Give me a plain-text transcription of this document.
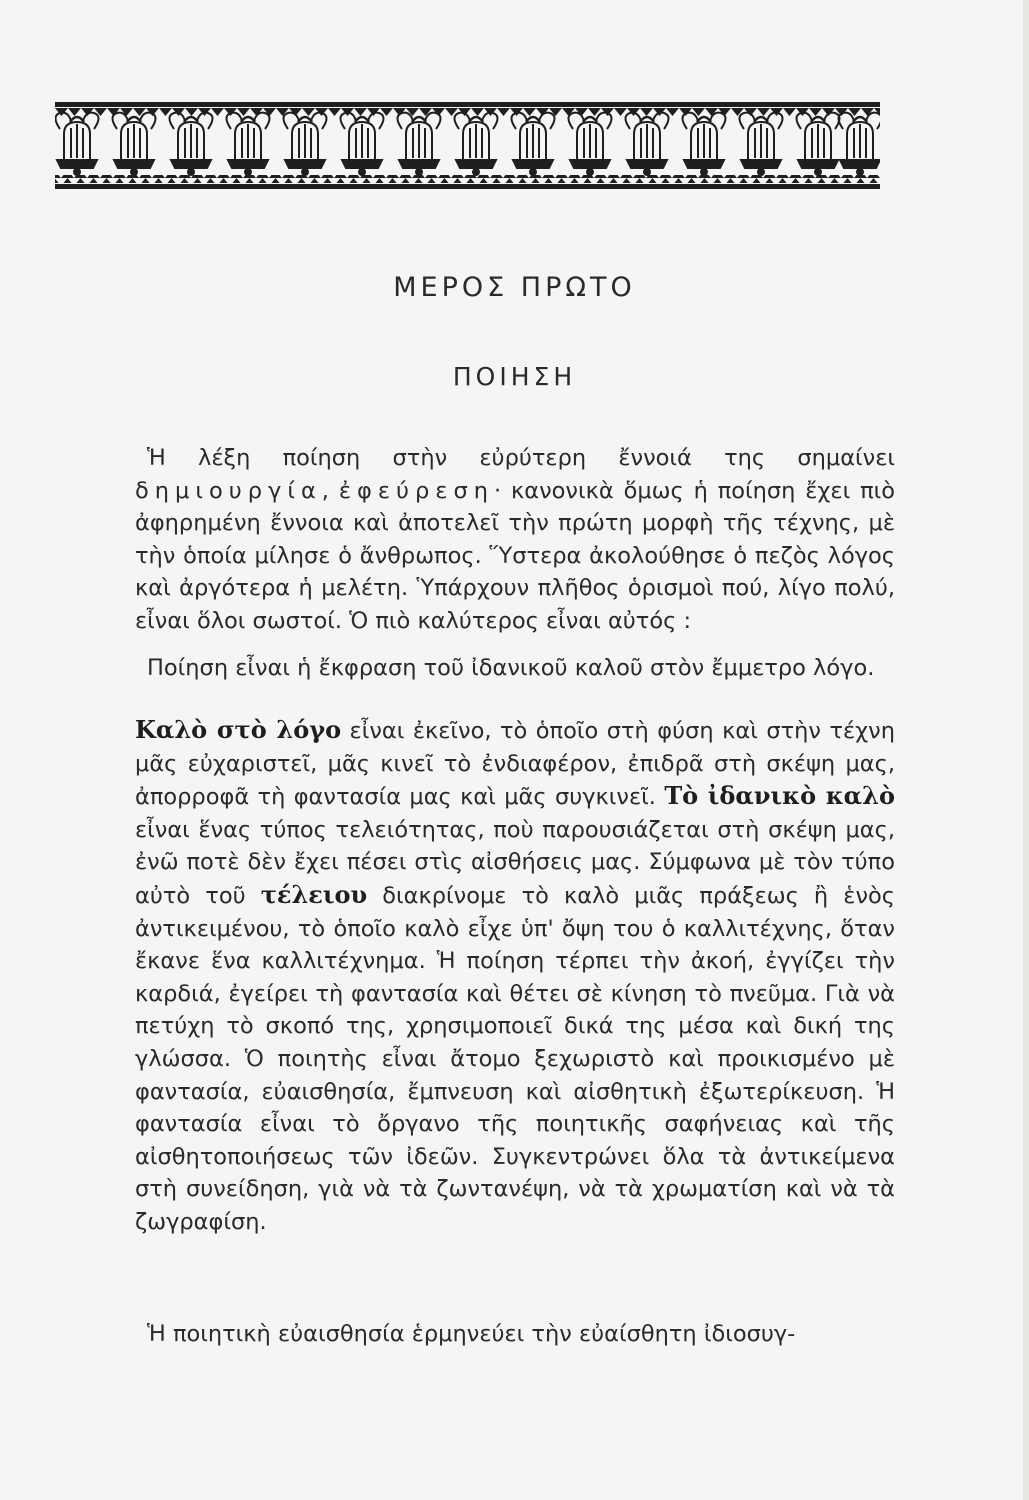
ΜΕΡΟΣ ΠΡΩΤΟ
ΠΟΙΗΣΗ

Ἡ λέξη ποίηση στὴν εὐρύτερη ἔννοιά της σημαίνει δημιουργία, ἐφεύρεση· κανονικὰ ὅμως ἡ ποίηση ἔχει πιὸ ἀφηρημένη ἔννοια καὶ ἀποτελεῖ τὴν πρώτη μορφὴ τῆς τέχνης, μὲ τὴν ὁποία μίλησε ὁ ἄνθρωπος. Ὕστερα ἀκολούθησε ὁ πεζὸς λόγος καὶ ἀργότερα ἡ μελέτη. Ὑπάρχουν πλῆθος ὁρισμοὶ πού, λίγο πολύ, εἶναι ὅλοι σωστοί. Ὁ πιὸ καλύτερος εἶναι αὐτός :

Ποίηση εἶναι ἡ ἔκφραση τοῦ ἰδανικοῦ καλοῦ στὸν ἔμμετρο λόγο.

Καλὸ στὸ λόγο εἶναι ἐκεῖνο, τὸ ὁποῖο στὴ φύση καὶ στὴν τέχνη μᾶς εὐχαριστεῖ, μᾶς κινεῖ τὸ ἐνδιαφέρον, ἐπιδρᾶ στὴ σκέψη μας, ἀπορροφᾶ τὴ φαντασία μας καὶ μᾶς συγκινεῖ. Τὸ ἰδανικὸ καλὸ εἶναι ἕνας τύπος τελειότητας, ποὺ παρουσιάζεται στὴ σκέψη μας, ἐνῶ ποτὲ δὲν ἔχει πέσει στὶς αἰσθήσεις μας. Σύμφωνα μὲ τὸν τύπο αὐτὸ τοῦ τέλειου διακρίνομε τὸ καλὸ μιᾶς πράξεως ἢ ἑνὸς ἀντικειμένου, τὸ ὁποῖο καλὸ εἶχε ὑπ' ὄψη του ὁ καλλιτέχνης, ὅταν ἔκανε ἕνα καλλιτέχνημα. Ἡ ποίηση τέρπει τὴν ἀκοή, ἐγγίζει τὴν καρδιά, ἐγείρει τὴ φαντασία καὶ θέτει σὲ κίνηση τὸ πνεῦμα. Γιὰ νὰ πετύχη τὸ σκοπό της, χρησιμοποιεῖ δικά της μέσα καὶ δική της γλώσσα. Ὁ ποιητὴς εἶναι ἄτομο ξεχωριστὸ καὶ προικισμένο μὲ φαντασία, εὐαισθησία, ἔμπνευση καὶ αἰσθητικὴ ἐξωτερίκευση. Ἡ φαντασία εἶναι τὸ ὄργανο τῆς ποιητικῆς σαφήνειας καὶ τῆς αἰσθητοποιήσεως τῶν ἰδεῶν. Συγκεντρώνει ὅλα τὰ ἀντικείμενα στὴ συνείδηση, γιὰ νὰ τὰ ζωντανέψη, νὰ τὰ χρωματίση καὶ νὰ τὰ ζωγραφίση.

Ἡ ποιητικὴ εὐαισθησία ἑρμηνεύει τὴν εὐαίσθητη ἰδιοσυγ-
